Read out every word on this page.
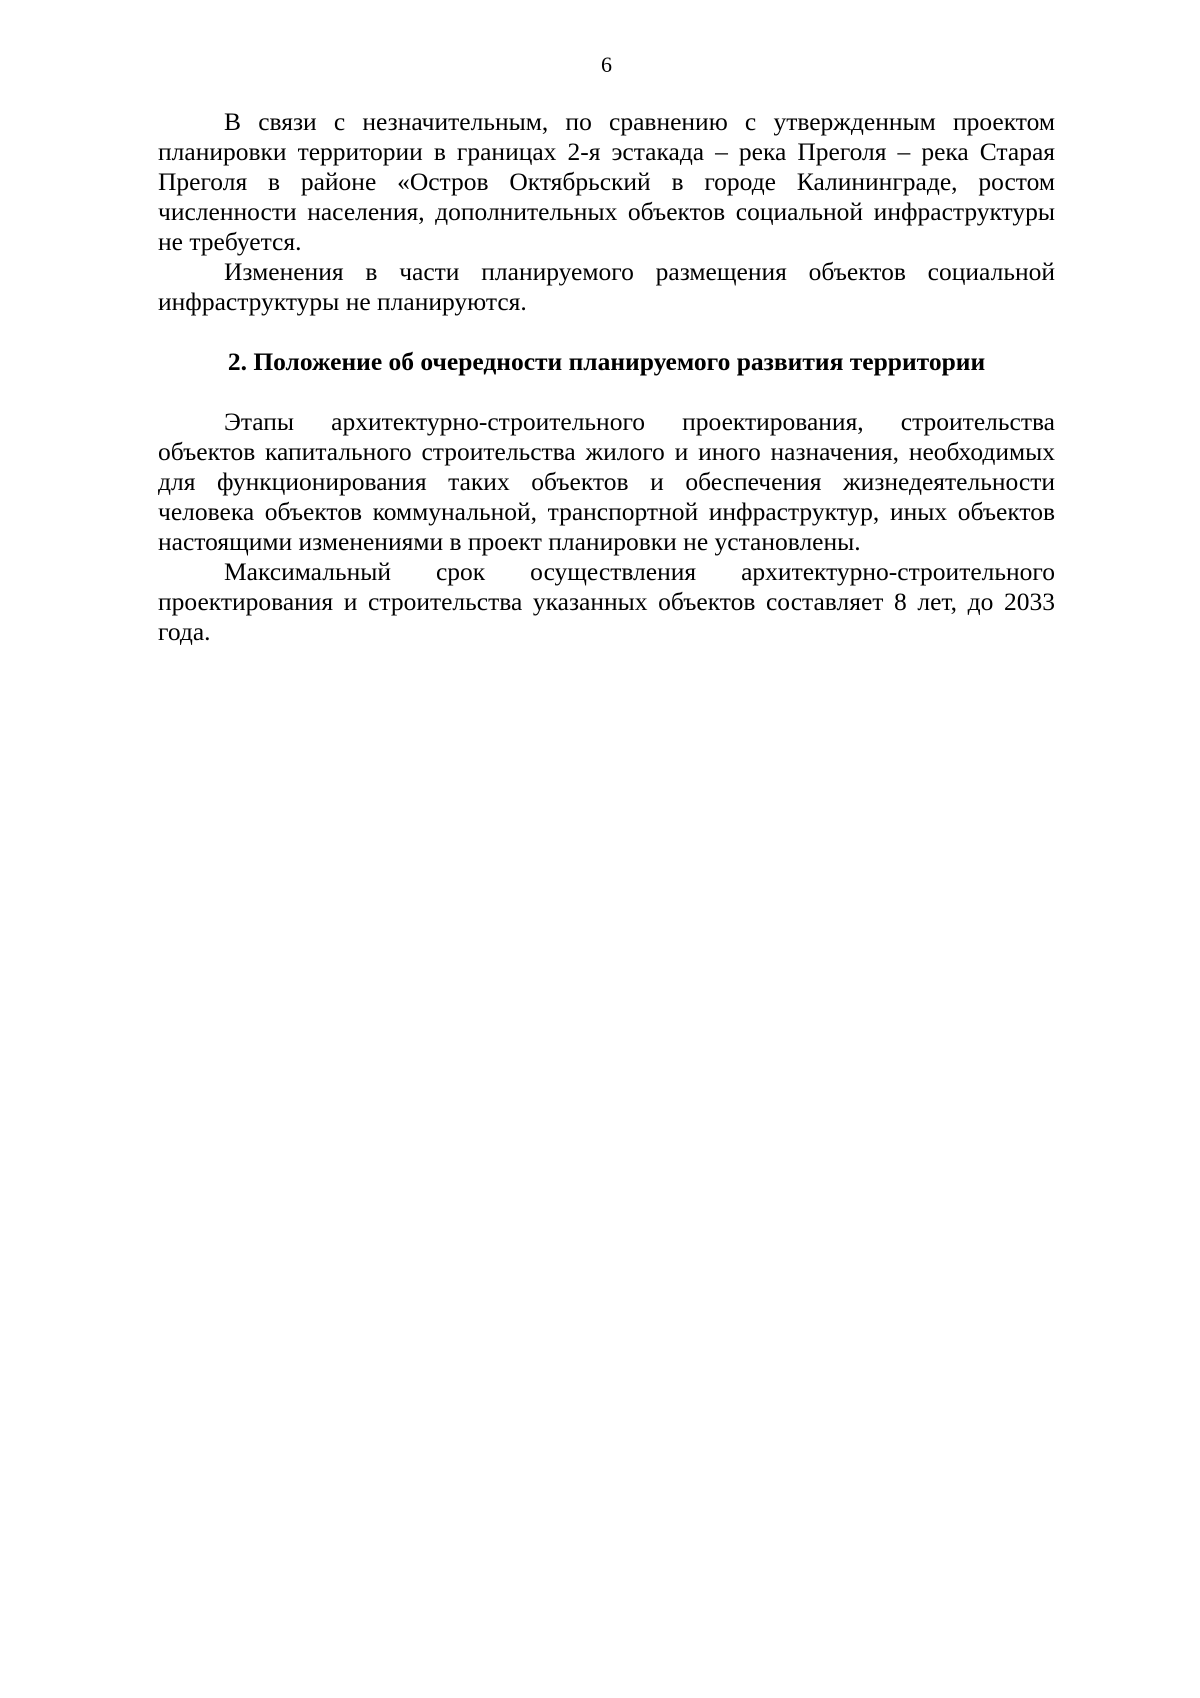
6
В связи с незначительным, по сравнению с утвержденным проектом
планировки территории в границах 2-я эстакада – река Преголя – река Старая
Преголя в районе «Остров Октябрьский в городе Калининграде, ростом
численности населения, дополнительных объектов социальной инфраструктуры
не требуется.
Изменения в части планируемого размещения объектов социальной
инфраструктуры не планируются.
2. Положение об очередности планируемого развития территории
Этапы архитектурно-строительного проектирования, строительства
объектов капитального строительства жилого и иного назначения, необходимых
для функционирования таких объектов и обеспечения жизнедеятельности
человека объектов коммунальной, транспортной инфраструктур, иных объектов
настоящими изменениями в проект планировки не установлены.
Максимальный срок осуществления архитектурно-строительного
проектирования и строительства указанных объектов составляет 8 лет, до 2033
года.
